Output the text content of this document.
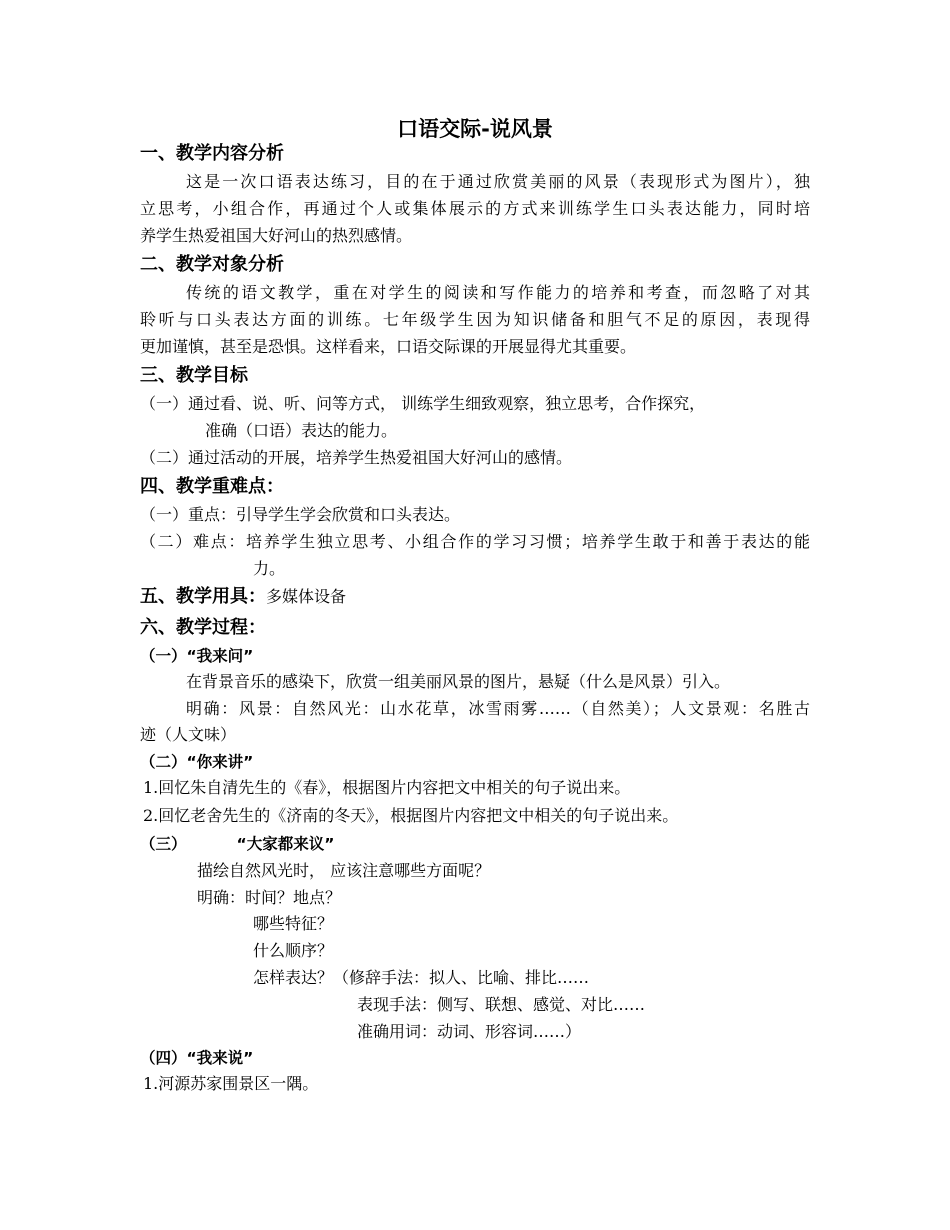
口语交际-说风景
一、教学内容分析
这是一次口语表达练习，目的在于通过欣赏美丽的风景（表现形式为图片），独
立思考，小组合作，再通过个人或集体展示的方式来训练学生口头表达能力，同时培
养学生热爱祖国大好河山的热烈感情。
二、教学对象分析
传统的语文教学，重在对学生的阅读和写作能力的培养和考查，而忽略了对其
聆听与口头表达方面的训练。七年级学生因为知识储备和胆气不足的原因，表现得
更加谨慎，甚至是恐惧。这样看来，口语交际课的开展显得尤其重要。
三、教学目标
（一）通过看、说、听、问等方式， 训练学生细致观察，独立思考，合作探究，
准确（口语）表达的能力。
（二）通过活动的开展，培养学生热爱祖国大好河山的感情。
四、教学重难点：
（一）重点：引导学生学会欣赏和口头表达。
（二）难点：培养学生独立思考、小组合作的学习习惯；培养学生敢于和善于表达的能
力。
五、教学用具：多媒体设备
六、教学过程：
（一）“我来问”
在背景音乐的感染下，欣赏一组美丽风景的图片，悬疑（什么是风景）引入。
明确：风景：自然风光：山水花草，冰雪雨雾……（自然美）；人文景观：名胜古
迹（人文味）
（二）“你来讲”
1.回忆朱自清先生的《春》，根据图片内容把文中相关的句子说出来。
2.回忆老舍先生的《济南的冬天》，根据图片内容把文中相关的句子说出来。
（三）	“大家都来议”
描绘自然风光时， 应该注意哪些方面呢？
明确：时间？地点？
哪些特征？
什么顺序？
怎样表达？（修辞手法：拟人、比喻、排比……
表现手法：侧写、联想、感觉、对比……
准确用词：动词、形容词……）
（四）“我来说”
1.河源苏家围景区一隅。
